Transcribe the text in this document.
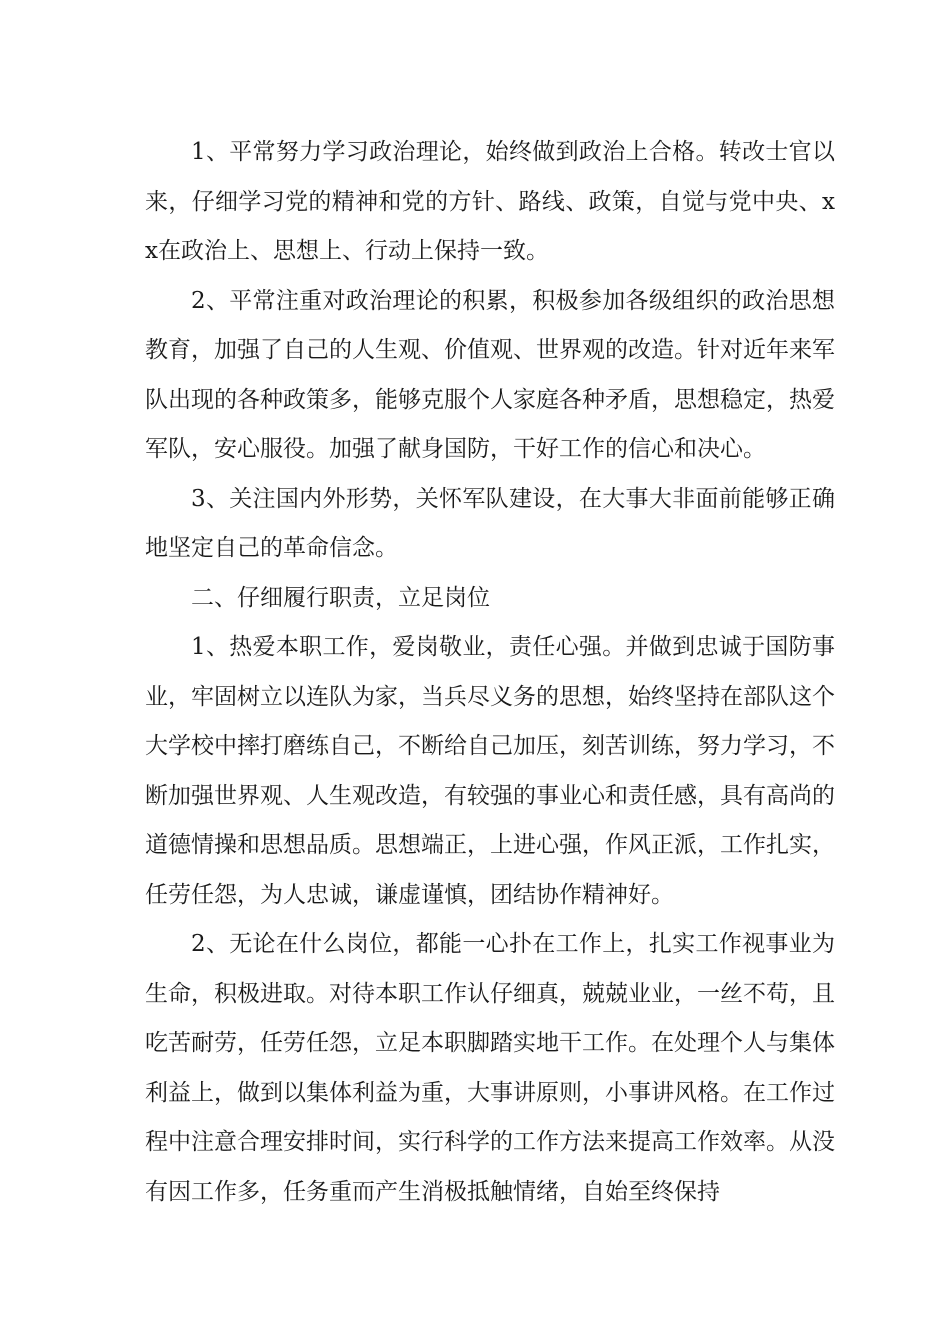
1、平常努力学习政治理论，始终做到政治上合格。转改士官以来，仔细学习党的精神和党的方针、路线、政策，自觉与党中央、xx在政治上、思想上、行动上保持一致。

2、平常注重对政治理论的积累，积极参加各级组织的政治思想教育，加强了自己的人生观、价值观、世界观的改造。针对近年来军队出现的各种政策多，能够克服个人家庭各种矛盾，思想稳定，热爱军队，安心服役。加强了献身国防，干好工作的信心和决心。

3、关注国内外形势，关怀军队建设，在大事大非面前能够正确地坚定自己的革命信念。

二、仔细履行职责，立足岗位

1、热爱本职工作，爱岗敬业，责任心强。并做到忠诚于国防事业，牢固树立以连队为家，当兵尽义务的思想，始终坚持在部队这个大学校中摔打磨练自己，不断给自己加压，刻苦训练，努力学习，不断加强世界观、人生观改造，有较强的事业心和责任感，具有高尚的道德情操和思想品质。思想端正，上进心强，作风正派，工作扎实，任劳任怨，为人忠诚，谦虚谨慎，团结协作精神好。

2、无论在什么岗位，都能一心扑在工作上，扎实工作视事业为生命，积极进取。对待本职工作认仔细真，兢兢业业，一丝不苟，且吃苦耐劳，任劳任怨，立足本职脚踏实地干工作。在处理个人与集体利益上，做到以集体利益为重，大事讲原则，小事讲风格。在工作过程中注意合理安排时间，实行科学的工作方法来提高工作效率。从没有因工作多，任务重而产生消极抵触情绪，自始至终保持
